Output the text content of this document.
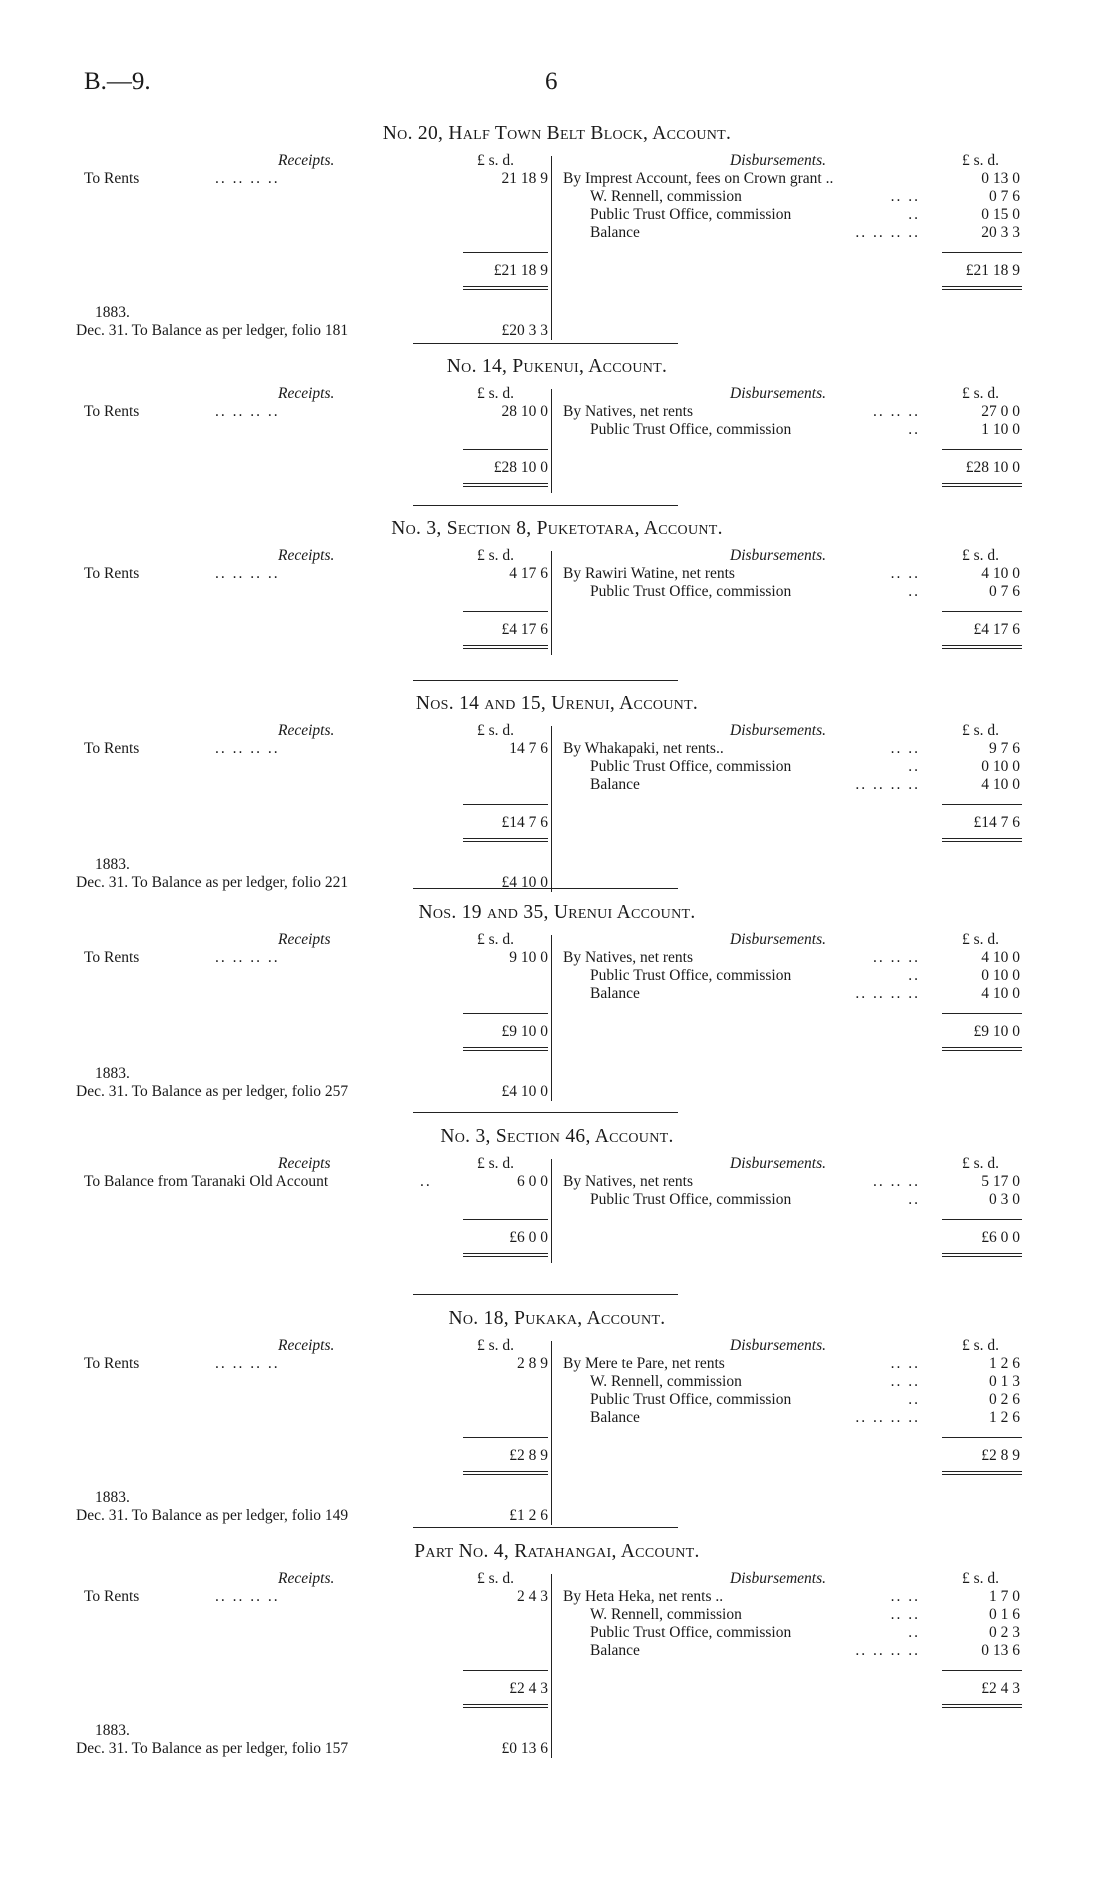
B.—9.	6
No. 20, Half Town Belt Block, Account.
Receipts.	£ s. d.	Disbursements.	£ s. d.
To Rents	.. .. .. ..	21 18 9 By Imprest Account, fees on Crown grant ..	0 13 0
W. Rennell, commission	.. ..	0 7 6
Public Trust Office, commission	..	0 15 0
Balance	.. .. .. ..	20 3 3
£21 18 9	£21 18 9
1883.
Dec. 31. To Balance as per ledger, folio 181	£20 3 3
No. 14, Pukenui, Account.
Receipts.	£ s. d.	Disbursements.	£ s. d.
To Rents	.. .. .. ..	28 10 0 By Natives, net rents	.. .. ..	27 0 0
Public Trust Office, commission	..	1 10 0
£28 10 0	£28 10 0
No. 3, Section 8, Puketotara, Account.
Receipts.	£ s. d.	Disbursements.	£ s. d.
To Rents	.. .. .. ..	4 17 6 By Rawiri Watine, net rents	.. ..	4 10 0
Public Trust Office, commission	..	0 7 6
£4 17 6	£4 17 6
Nos. 14 and 15, Urenui, Account.
Receipts.	£ s. d.	Disbursements.	£ s. d.
To Rents	.. .. .. ..	14 7 6 By Whakapaki, net rents..	.. ..	9 7 6
Public Trust Office, commission	..	0 10 0
Balance	.. .. .. ..	4 10 0
£14 7 6	£14 7 6
1883.
Dec. 31. To Balance as per ledger, folio 221	£4 10 0
Nos. 19 and 35, Urenui Account.
Receipts	£ s. d.	Disbursements.	£ s. d.
To Rents	.. .. .. ..	9 10 0 By Natives, net rents	.. .. ..	4 10 0
Public Trust Office, commission	..	0 10 0
Balance	.. .. .. ..	4 10 0
£9 10 0	£9 10 0
1883.
Dec. 31. To Balance as per ledger, folio 257	£4 10 0
No. 3, Section 46, Account.
Receipts	£ s. d.	Disbursements.	£ s. d.
To Balance from Taranaki Old Account	..	6 0 0 By Natives, net rents	.. .. ..	5 17 0
Public Trust Office, commission	..	0 3 0
£6 0 0	£6 0 0
No. 18, Pukaka, Account.
Receipts.	£ s. d.	Disbursements.	£ s. d.
To Rents	.. .. .. ..	2 8 9 By Mere te Pare, net rents	.. ..	1 2 6
W. Rennell, commission	.. ..	0 1 3
Public Trust Office, commission	..	0 2 6
Balance	.. .. .. ..	1 2 6
£2 8 9	£2 8 9
1883.
Dec. 31. To Balance as per ledger, folio 149	£1 2 6
Part No. 4, Ratahangai, Account.
Receipts.	£ s. d.	Disbursements.	£ s. d.
To Rents	.. .. .. ..	2 4 3 By Heta Heka, net rents ..	.. ..	1 7 0
W. Rennell, commission	.. ..	0 1 6
Public Trust Office, commission	..	0 2 3
Balance	.. .. .. ..	0 13 6
£2 4 3	£2 4 3
1883.
Dec. 31. To Balance as per ledger, folio 157	£0 13 6
